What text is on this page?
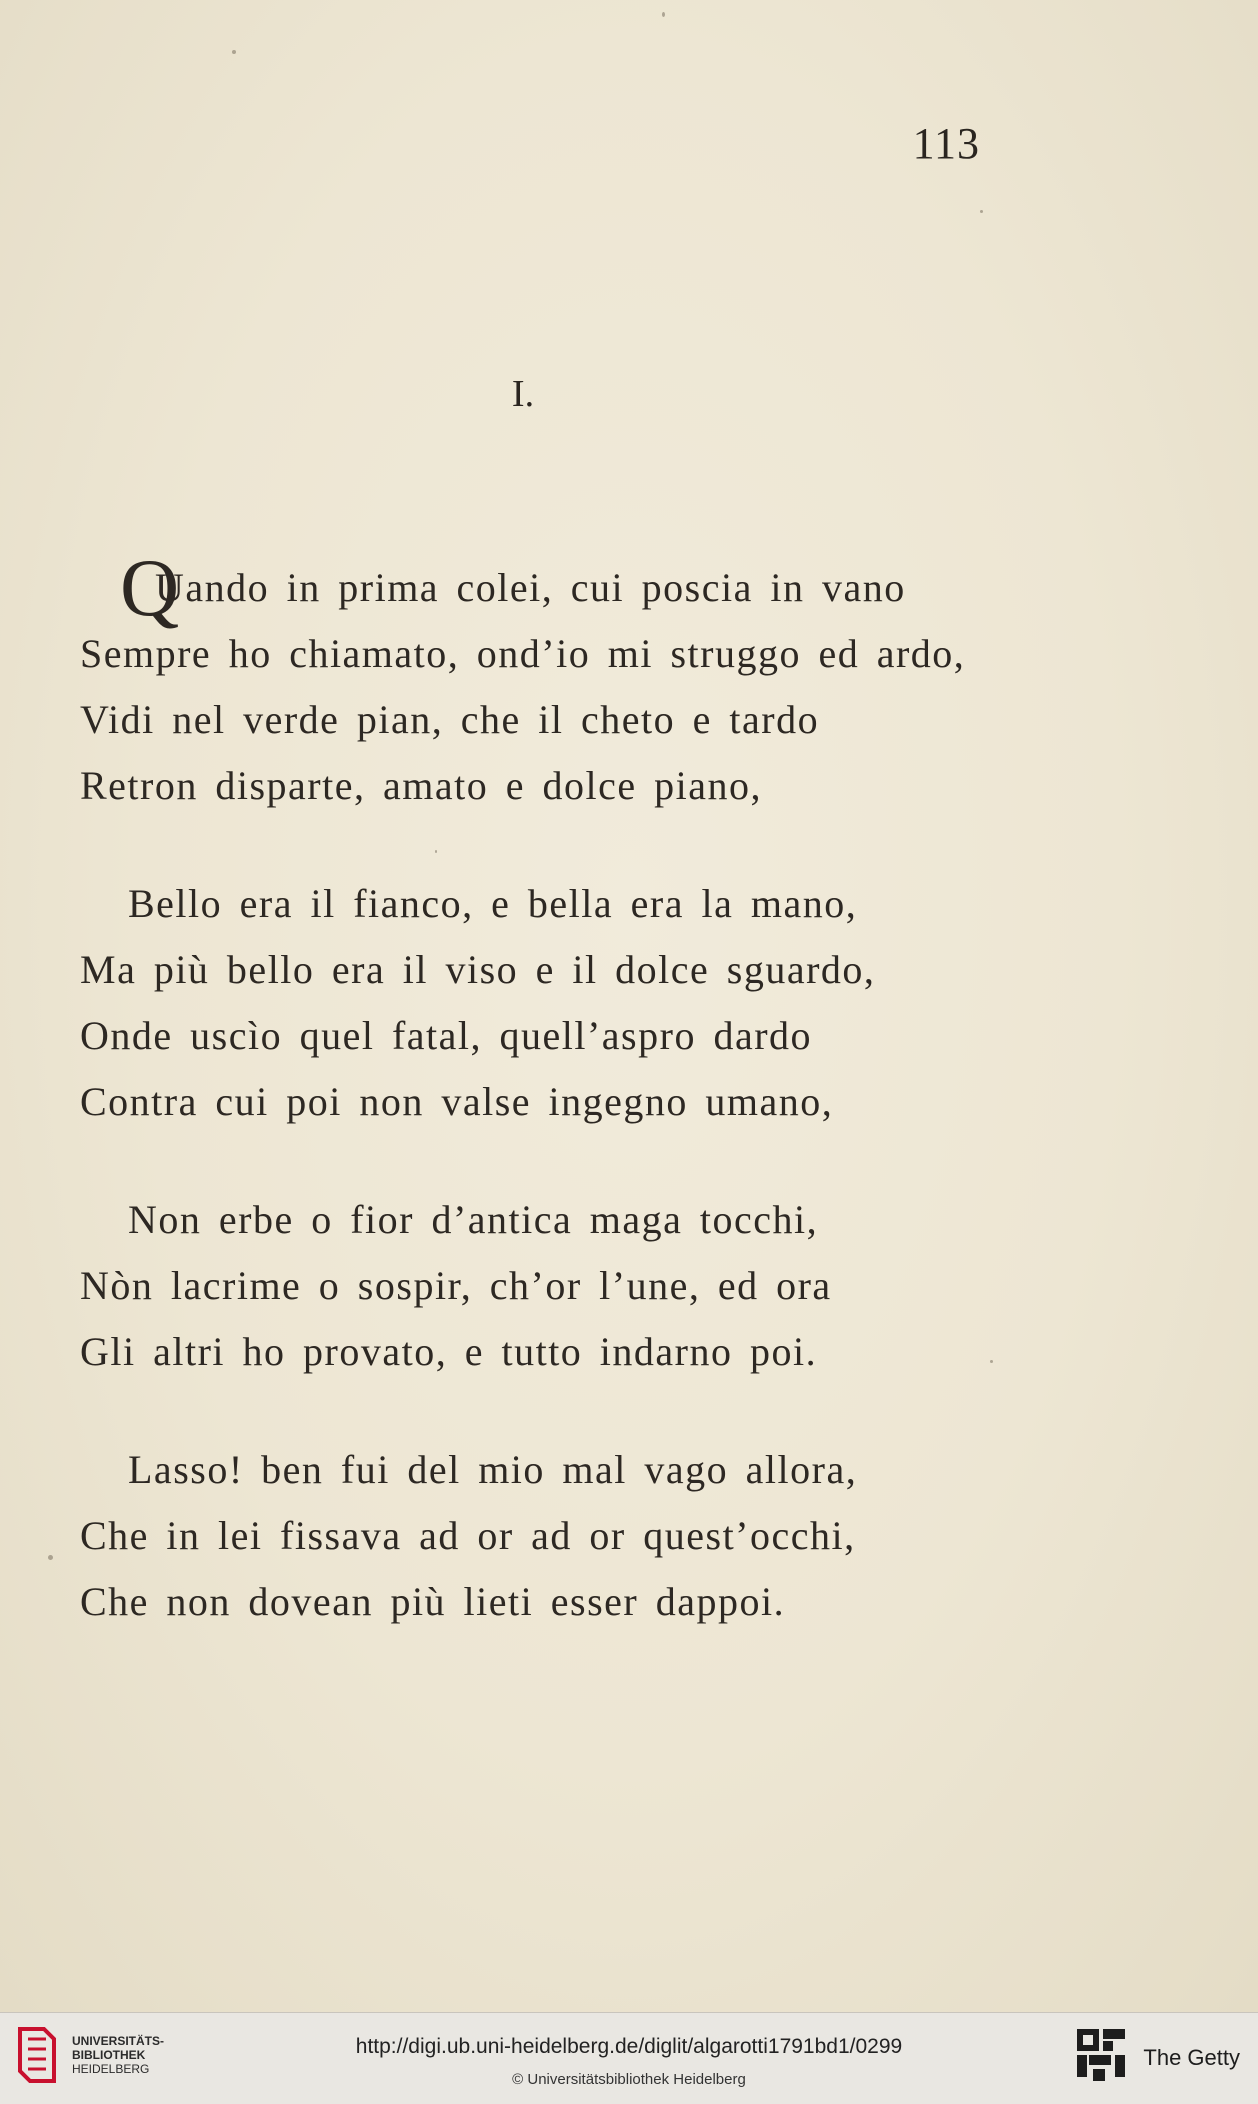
113
I.
Q
Uando in prima colei, cui poscia in vano
Sempre ho chiamato, ond’io mi struggo ed ardo,
Vidi nel verde pian, che il cheto e tardo
Retron disparte, amato e dolce piano,
Bello era il fianco, e bella era la mano,
Ma più bello era il viso e il dolce sguardo,
Onde uscìo quel fatal, quell’aspro dardo
Contra cui poi non valse ingegno umano,
Non erbe o fior d’antica maga tocchi,
Nòn lacrime o sospir, ch’or l’une, ed ora
Gli altri ho provato, e tutto indarno poi.
Lasso! ben fui del mio mal vago allora,
Che in lei fissava ad or ad or quest’occhi,
Che non dovean più lieti esser dappoi.
UNIVERSITÄTS-
BIBLIOTHEK
HEIDELBERG
http://digi.ub.uni-heidelberg.de/diglit/algarotti1791bd1/0299
© Universitätsbibliothek Heidelberg
The Getty
